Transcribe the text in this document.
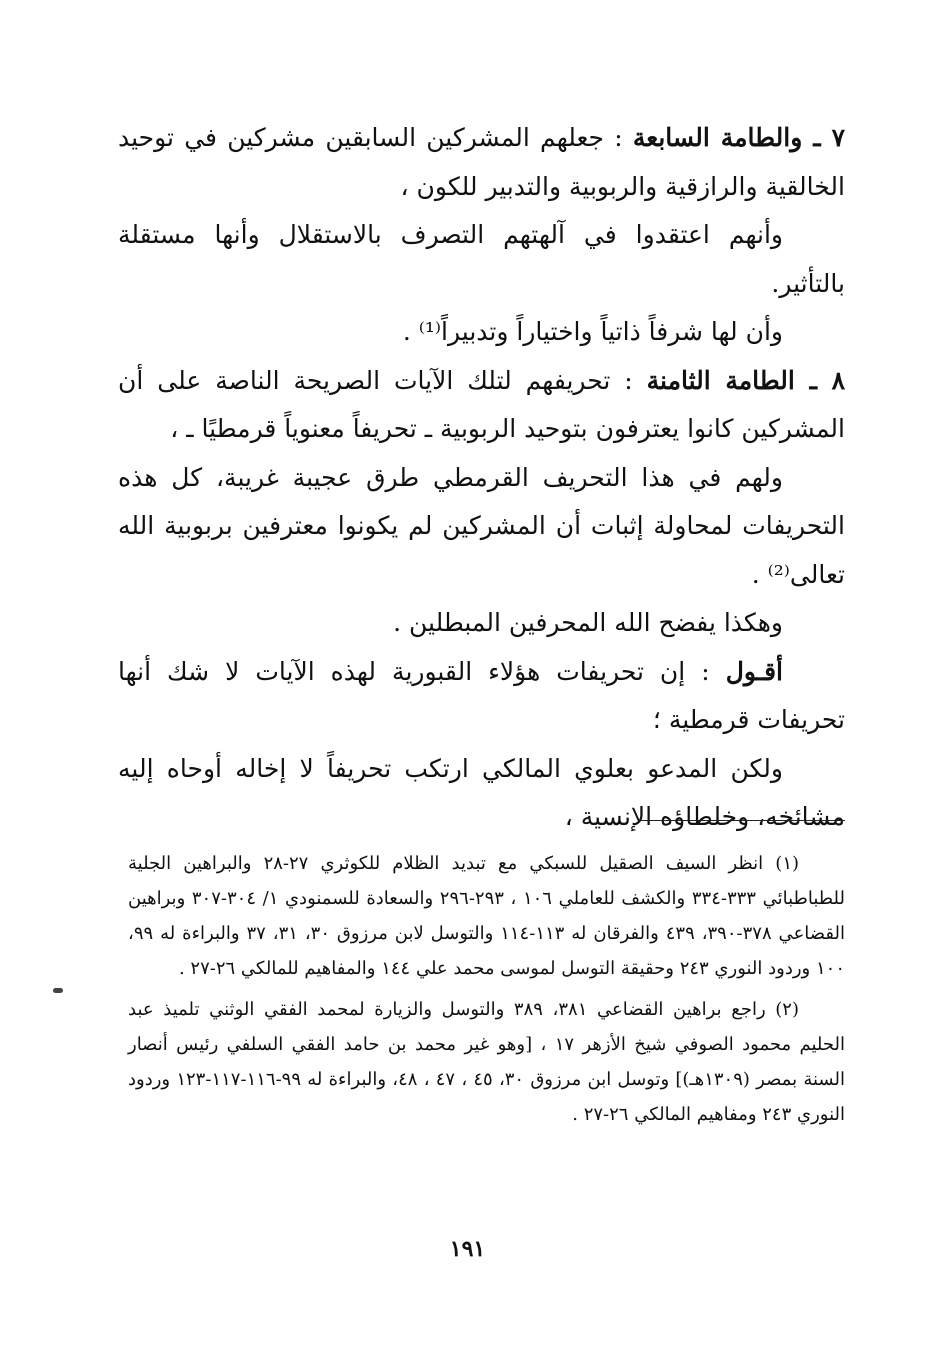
٧ ـ والطامة السابعة : جعلهم المشركين السابقين مشركين في توحيد الخالقية والرازقية والربوبية والتدبير للكون ،

وأنهم اعتقدوا في آلهتهم التصرف بالاستقلال وأنها مستقلة بالتأثير.

وأن لها شرفاً ذاتياً واختياراً وتدبيراً⁽¹⁾ .

٨ ـ الطامة الثامنة : تحريفهم لتلك الآيات الصريحة الناصة على أن المشركين كانوا يعترفون بتوحيد الربوبية ـ تحريفاً معنوياً قرمطيًا ـ ،

ولهم في هذا التحريف القرمطي طرق عجيبة غريبة، كل هذه التحريفات لمحاولة إثبات أن المشركين لم يكونوا معترفين بربوبية الله تعالى⁽²⁾ .

وهكذا يفضح الله المحرفين المبطلين .

أقـول : إن تحريفات هؤلاء القبورية لهذه الآيات لا شك أنها تحريفات قرمطية ؛

ولكن المدعو بعلوي المالكي ارتكب تحريفاً لا إخاله أوحاه إليه مشائخه، وخلطاؤه الإنسية ،

(١) انظر السيف الصقيل للسبكي مع تبديد الظلام للكوثري ٢٧-٢٨ والبراهين الجلية للطباطبائي ٣٣٣-٣٣٤ والكشف للعاملي ١٠٦ ، ٢٩٣-٢٩٦ والسعادة للسمنودي ١/ ٣٠٤-٣٠٧ وبراهين القضاعي ٣٧٨-٣٩٠، ٤٣٩ والفرقان له ١١٣-١١٤ والتوسل لابن مرزوق ٣٠، ٣١، ٣٧ والبراءة له ٩٩، ١٠٠ وردود النوري ٢٤٣ وحقيقة التوسل لموسى محمد علي ١٤٤ والمفاهيم للمالكي ٢٦-٢٧ .

(٢) راجع براهين القضاعي ٣٨١، ٣٨٩ والتوسل والزيارة لمحمد الفقي الوثني تلميذ عبد الحليم محمود الصوفي شيخ الأزهر ١٧ ، [وهو غير محمد بن حامد الفقي السلفي رئيس أنصار السنة بمصر (١٣٠٩هـ)] وتوسل ابن مرزوق ٣٠، ٤٥ ، ٤٧ ، ٤٨، والبراءة له ٩٩-١١٦-١١٧-١٢٣ وردود النوري ٢٤٣ ومفاهيم المالكي ٢٦-٢٧ .

١٩١
